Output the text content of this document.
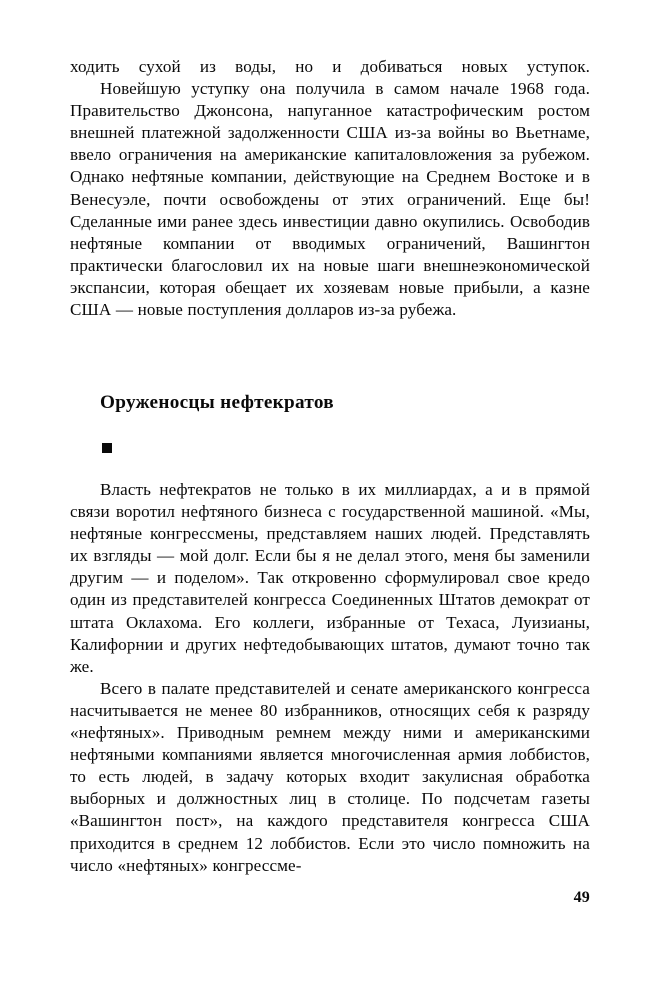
ходить сухой из воды, но и добиваться новых уступок.

Новейшую уступку она получила в самом начале 1968 года. Правительство Джонсона, напуганное катастрофическим ростом внешней платежной задолженности США из-за войны во Вьетнаме, ввело ограничения на американские капиталовложения за рубежом. Однако нефтяные компании, действующие на Среднем Востоке и в Венесуэле, почти освобождены от этих ограничений. Еще бы! Сделанные ими ранее здесь инвестиции давно окупились. Освободив нефтяные компании от вводимых ограничений, Вашингтон практически благословил их на новые шаги внешнеэкономической экспансии, которая обещает их хозяевам новые прибыли, а казне США — новые поступления долларов из-за рубежа.

Оруженосцы нефтекратов

Власть нефтекратов не только в их миллиардах, а и в прямой связи воротил нефтяного бизнеса с государственной машиной. «Мы, нефтяные конгрессмены, представляем наших людей. Представлять их взгляды — мой долг. Если бы я не делал этого, меня бы заменили другим — и поделом». Так откровенно сформулировал свое кредо один из представителей конгресса Соединенных Штатов демократ от штата Оклахома. Его коллеги, избранные от Техаса, Луизианы, Калифорнии и других нефтедобывающих штатов, думают точно так же.

Всего в палате представителей и сенате американского конгресса насчитывается не менее 80 избранников, относящих себя к разряду «нефтяных». Приводным ремнем между ними и американскими нефтяными компаниями является многочисленная армия лоббистов, то есть людей, в задачу которых входит закулисная обработка выборных и должностных лиц в столице. По подсчетам газеты «Вашингтон пост», на каждого представителя конгресса США приходится в среднем 12 лоббистов. Если это число помножить на число «нефтяных» конгрессме-

49
